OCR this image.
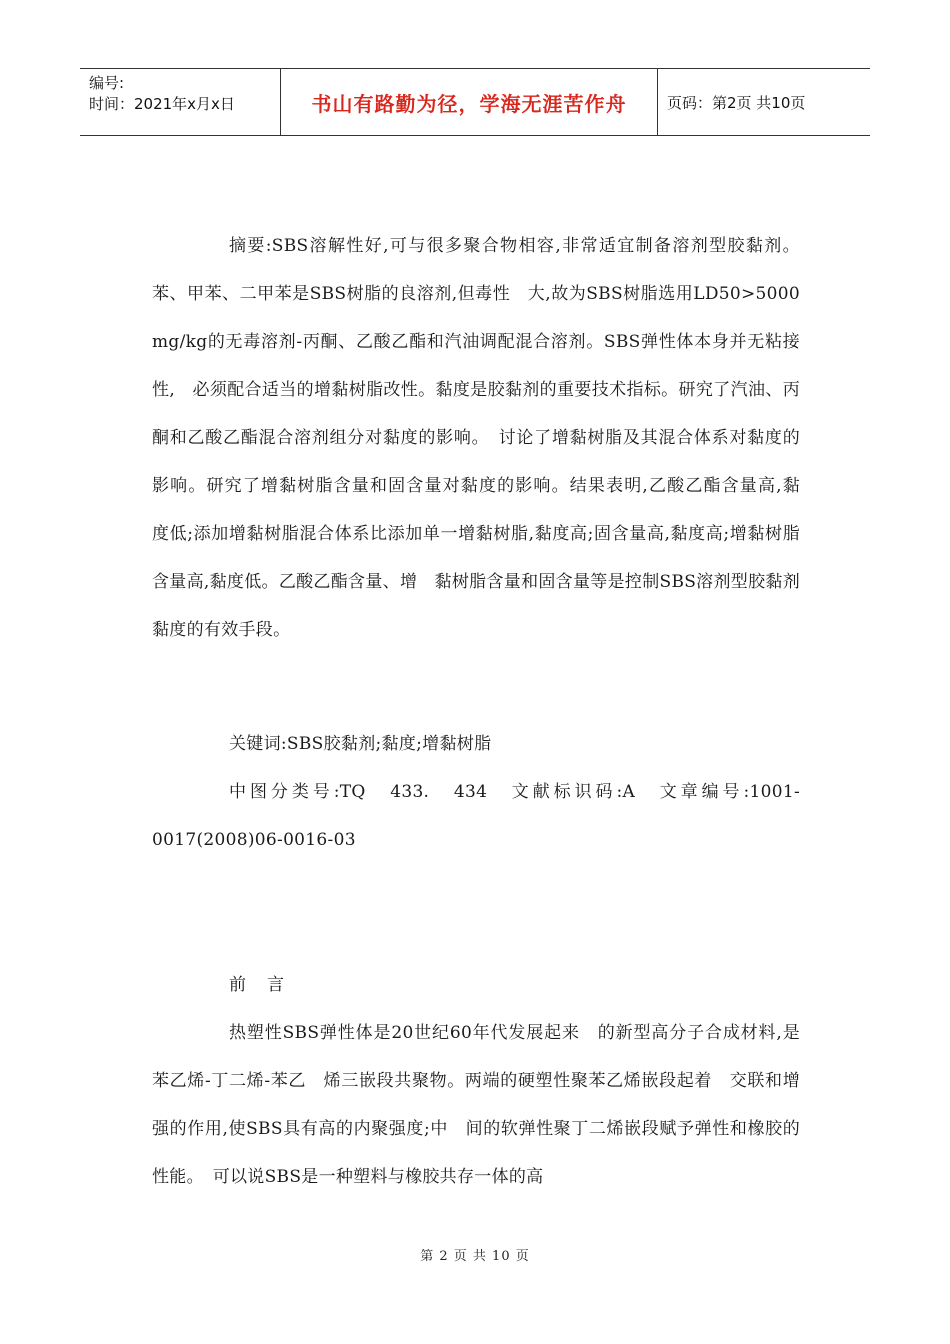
编号:
时间：2021年x月x日	书山有路勤为径，学海无涯苦作舟	页码：第2页 共10页

摘要:SBS溶解性好,可与很多聚合物相容,非常适宜制备溶剂型胶黏剂。苯、甲苯、二甲苯是SBS树脂的良溶剂,但毒性　大,故为SBS树脂选用LD50>5000　mg/kg的无毒溶剂-丙酮、乙酸乙酯和汽油调配混合溶剂。SBS弹性体本身并无粘接性,　必须配合适当的增黏树脂改性。黏度是胶黏剂的重要技术指标。研究了汽油、丙酮和乙酸乙酯混合溶剂组分对黏度的影响。　讨论了增黏树脂及其混合体系对黏度的影响。研究了增黏树脂含量和固含量对黏度的影响。结果表明,乙酸乙酯含量高,黏　度低;添加增黏树脂混合体系比添加单一增黏树脂,黏度高;固含量高,黏度高;增黏树脂含量高,黏度低。乙酸乙酯含量、增　黏树脂含量和固含量等是控制SBS溶剂型胶黏剂黏度的有效手段。

关键词:SBS胶黏剂;黏度;增黏树脂

中图分类号:TQ　433.　434　文献标识码:A　文章编号:1001-0017(2008)06-0016-03

前　言

热塑性SBS弹性体是20世纪60年代发展起来　的新型高分子合成材料,是苯乙烯-丁二烯-苯乙　烯三嵌段共聚物。两端的硬塑性聚苯乙烯嵌段起着　交联和增强的作用,使SBS具有高的内聚强度;中　间的软弹性聚丁二烯嵌段赋予弹性和橡胶的性能。　可以说SBS是一种塑料与橡胶共存一体的高

第 2 页 共 10 页
